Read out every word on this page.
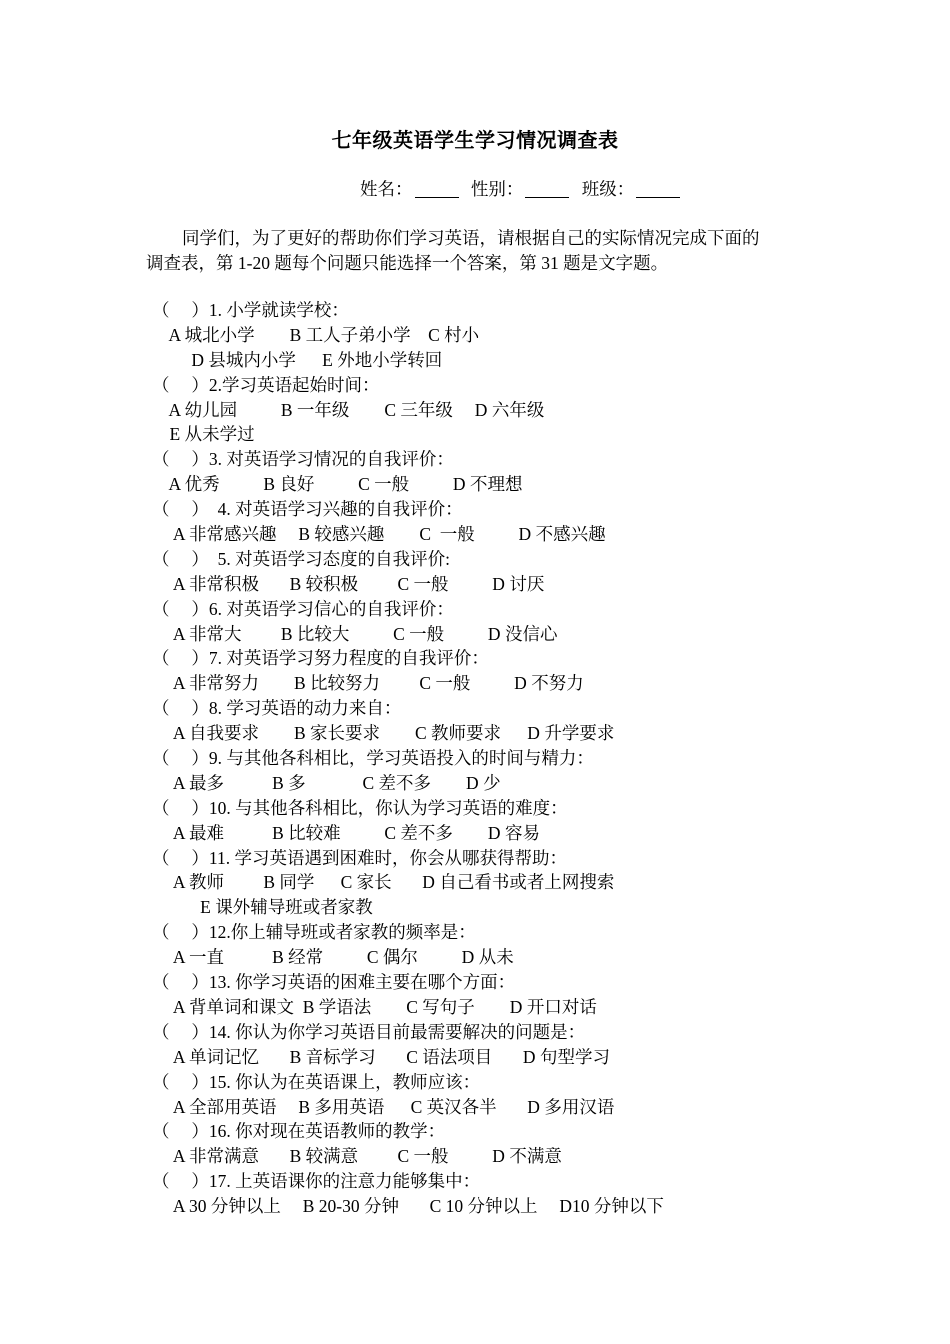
七年级英语学生学习情况调查表
姓名：	性别：	班级：
同学们，为了更好的帮助你们学习英语，请根据自己的实际情况完成下面的
调查表，第 1-20 题每个问题只能选择一个答案，第 31 题是文字题。
（     ）1. 小学就读学校：
A 城北小学        B 工人子弟小学    C 村小
D 县城内小学      E 外地小学转回
（     ）2.学习英语起始时间：
A 幼儿园          B 一年级        C 三年级     D 六年级
E 从未学过
（     ）3. 对英语学习情况的自我评价：
A 优秀          B 良好          C 一般          D 不理想
（     ）  4. 对英语学习兴趣的自我评价：
A 非常感兴趣     B 较感兴趣        C  一般          D 不感兴趣
（     ）  5. 对英语学习态度的自我评价:
A 非常积极       B 较积极         C 一般          D 讨厌
（     ）6. 对英语学习信心的自我评价：
A 非常大         B 比较大          C 一般          D 没信心
（     ）7. 对英语学习努力程度的自我评价：
A 非常努力        B 比较努力         C 一般          D 不努力
（     ）8. 学习英语的动力来自：
A 自我要求        B 家长要求        C 教师要求      D 升学要求
（     ）9. 与其他各科相比，学习英语投入的时间与精力：
A 最多           B 多             C 差不多        D 少
（     ）10. 与其他各科相比，你认为学习英语的难度：
A 最难           B 比较难          C 差不多        D 容易
（     ）11. 学习英语遇到困难时，你会从哪获得帮助：
A 教师         B 同学      C 家长       D 自己看书或者上网搜索
E 课外辅导班或者家教
（     ）12.你上辅导班或者家教的频率是：
A 一直           B 经常          C 偶尔          D 从未
（     ）13. 你学习英语的困难主要在哪个方面：
A 背单词和课文  B 学语法        C 写句子        D 开口对话
（     ）14. 你认为你学习英语目前最需要解决的问题是：
A 单词记忆       B 音标学习       C 语法项目       D 句型学习
（     ）15. 你认为在英语课上，教师应该：
A 全部用英语     B 多用英语      C 英汉各半       D 多用汉语
（     ）16. 你对现在英语教师的教学：
A 非常满意       B 较满意         C 一般          D 不满意
（     ）17. 上英语课你的注意力能够集中：
A 30 分钟以上     B 20-30 分钟       C 10 分钟以上     D10 分钟以下
